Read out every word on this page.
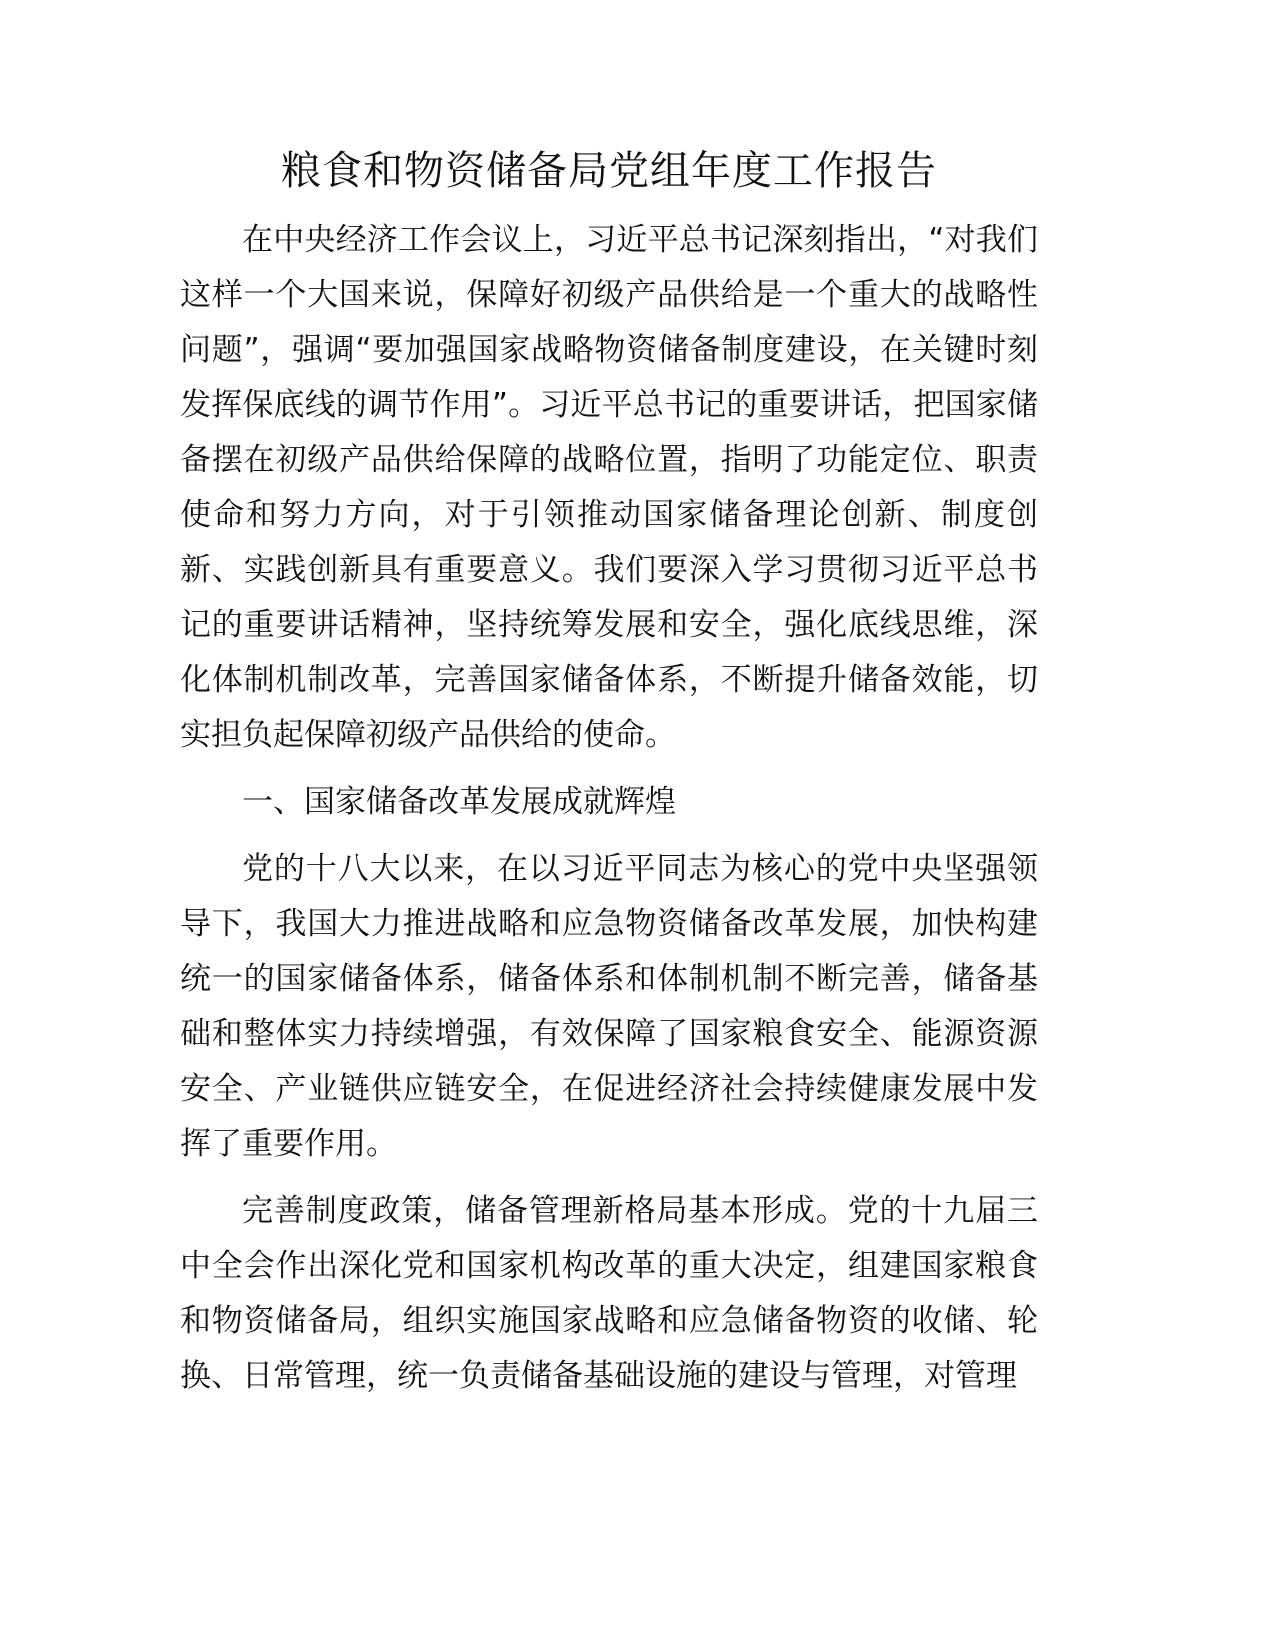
粮食和物资储备局党组年度工作报告

在中央经济工作会议上，习近平总书记深刻指出，“对我们这样一个大国来说，保障好初级产品供给是一个重大的战略性问题”，强调“要加强国家战略物资储备制度建设，在关键时刻发挥保底线的调节作用”。习近平总书记的重要讲话，把国家储备摆在初级产品供给保障的战略位置，指明了功能定位、职责使命和努力方向，对于引领推动国家储备理论创新、制度创新、实践创新具有重要意义。我们要深入学习贯彻习近平总书记的重要讲话精神，坚持统筹发展和安全，强化底线思维，深化体制机制改革，完善国家储备体系，不断提升储备效能，切实担负起保障初级产品供给的使命。

一、国家储备改革发展成就辉煌

党的十八大以来，在以习近平同志为核心的党中央坚强领导下，我国大力推进战略和应急物资储备改革发展，加快构建统一的国家储备体系，储备体系和体制机制不断完善，储备基础和整体实力持续增强，有效保障了国家粮食安全、能源资源安全、产业链供应链安全，在促进经济社会持续健康发展中发挥了重要作用。

完善制度政策，储备管理新格局基本形成。党的十九届三中全会作出深化党和国家机构改革的重大决定，组建国家粮食和物资储备局，组织实施国家战略和应急储备物资的收储、轮换、日常管理，统一负责储备基础设施的建设与管理，对管理
